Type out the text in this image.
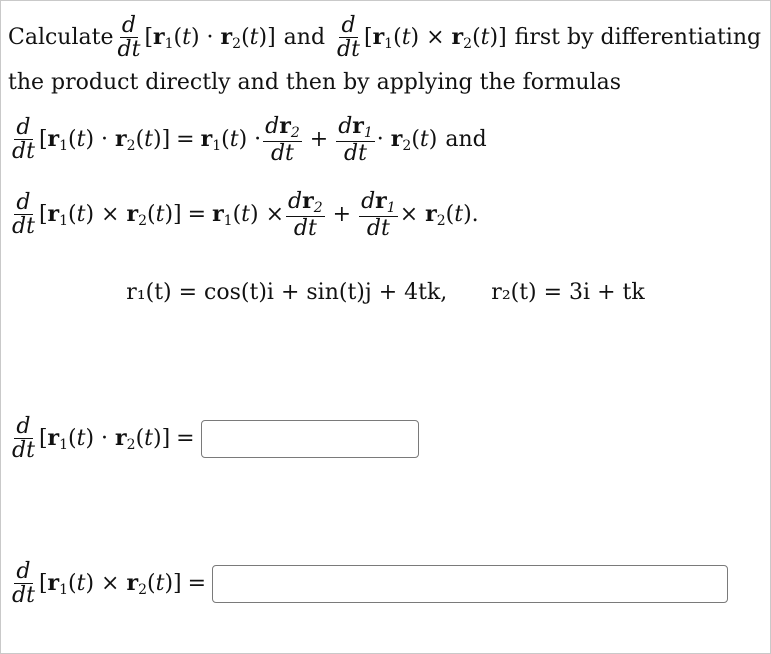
Calculate $\frac{d}{dt} [r_1(t) \cdot r_2(t)]$ and $\frac{d}{dt} [r_1(t) \times r_2(t)]$ first by differentiating
the product directly and then by applying the formulas
$\frac{d}{dt} [r_1(t) \cdot r_2(t)] = r_1(t) \cdot \frac{dr_2}{dt} + \frac{dr_1}{dt} \cdot r_2(t)$ and
$\frac{d}{dt} [r_1(t) \times r_2(t)] = r_1(t) \times \frac{dr_2}{dt} + \frac{dr_1}{dt} \times r_2(t)$ .
r₁(t) = cos(t)i + sin(t)j + 4tk, r₂(t) = 3i + tk
$\frac{d}{dt} [r_1(t) \cdot r_2(t)]$ =
$\frac{d}{dt} [r_1(t) \times r_2(t)]$ =
